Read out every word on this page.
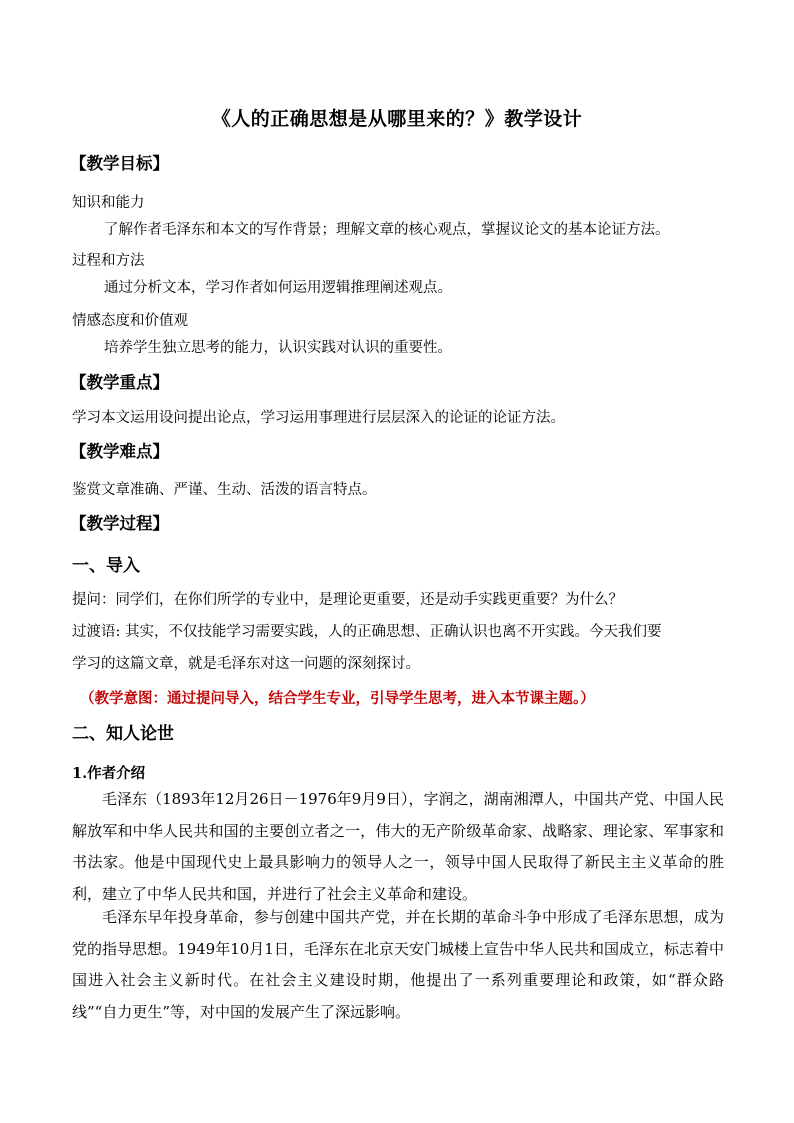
《人的正确思想是从哪里来的？》教学设计
【教学目标】
知识和能力
了解作者毛泽东和本文的写作背景；理解文章的核心观点，掌握议论文的基本论证方法。
过程和方法
通过分析文本，学习作者如何运用逻辑推理阐述观点。
情感态度和价值观
培养学生独立思考的能力，认识实践对认识的重要性。
【教学重点】
学习本文运用设问提出论点，学习运用事理进行层层深入的论证的论证方法。
【教学难点】
鉴赏文章准确、严谨、生动、活泼的语言特点。
【教学过程】
一、导入
提问：同学们，在你们所学的专业中，是理论更重要，还是动手实践更重要？为什么？
过渡语: 其实，不仅技能学习需要实践，人的正确思想、正确认识也离不开实践。今天我们要
学习的这篇文章，就是毛泽东对这一问题的深刻探讨。
（教学意图：通过提问导入，结合学生专业，引导学生思考，进入本节课主题。）
二、知人论世
1.作者介绍
毛泽东（1893年12月26日－1976年9月9日），字润之，湖南湘潭人，中国共产党、中国人民解放军和中华人民共和国的主要创立者之一，伟大的无产阶级革命家、战略家、理论家、军事家和书法家。他是中国现代史上最具影响力的领导人之一，领导中国人民取得了新民主主义革命的胜利，建立了中华人民共和国，并进行了社会主义革命和建设。
毛泽东早年投身革命，参与创建中国共产党，并在长期的革命斗争中形成了毛泽东思想，成为党的指导思想。1949年10月1日，毛泽东在北京天安门城楼上宣告中华人民共和国成立，标志着中国进入社会主义新时代。在社会主义建设时期，他提出了一系列重要理论和政策，如“群众路线”“自力更生”等，对中国的发展产生了深远影响。
